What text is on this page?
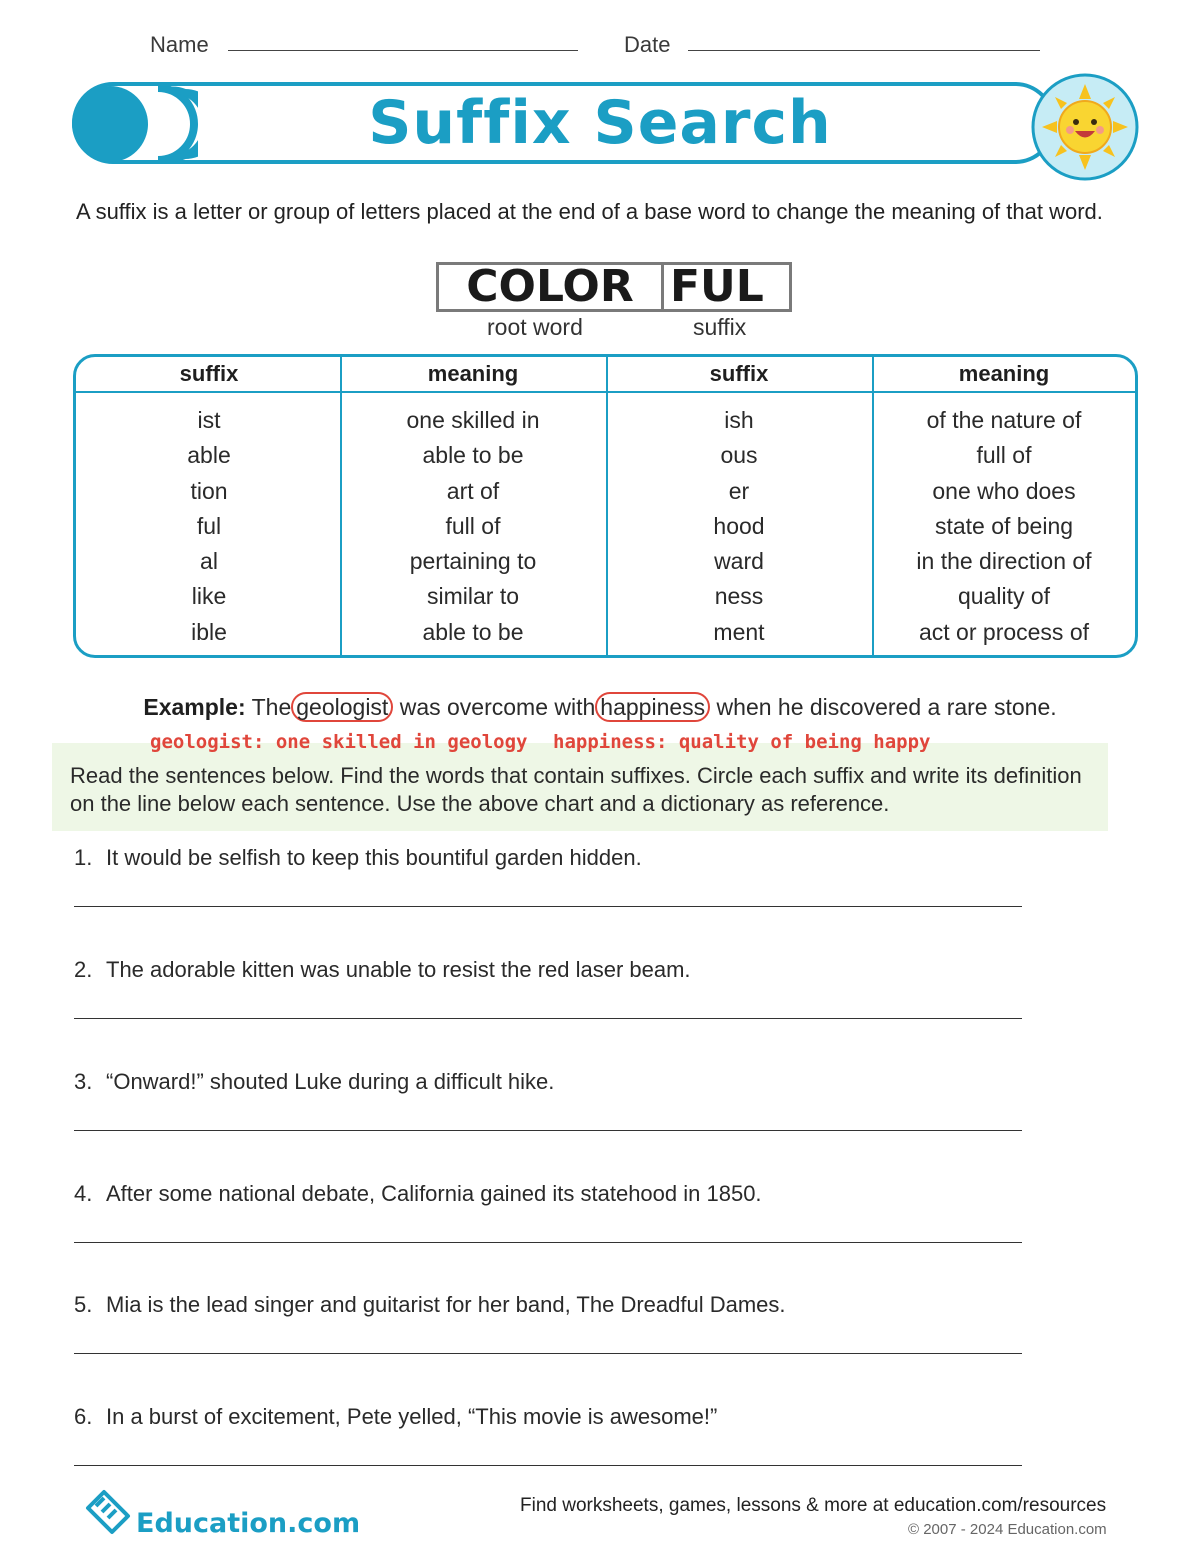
Name	Date
Suffix Search
A suffix is a letter or group of letters placed at the end of a base word to change the meaning of that word.
COLOR FUL
root word	suffix
suffix
ist
able
tion
ful
al
like
ible
meaning
one skilled in
able to be
art of
full of
pertaining to
similar to
able to be
suffix
ish
ous
er
hood
ward
ness
ment
meaning
of the nature of
full of
one who does
state of being
in the direction of
quality of
act or process of
Example: The geologist was overcome with happiness when he discovered a rare stone.
Read the sentences below. Find the words that contain suffixes. Circle each suffix and write its definition on the line below each sentence. Use the above chart and a dictionary as reference.
geologist: one skilled in geology happiness: quality of being happy
1. It would be selfish to keep this bountiful garden hidden.
2. The adorable kitten was unable to resist the red laser beam.
3. “Onward!” shouted Luke during a difficult hike.
4. After some national debate, California gained its statehood in 1850.
5. Mia is the lead singer and guitarist for her band, The Dreadful Dames.
6. In a burst of excitement, Pete yelled, “This movie is awesome!”
Education.com
Find worksheets, games, lessons & more at education.com/resources
© 2007 - 2024 Education.com
